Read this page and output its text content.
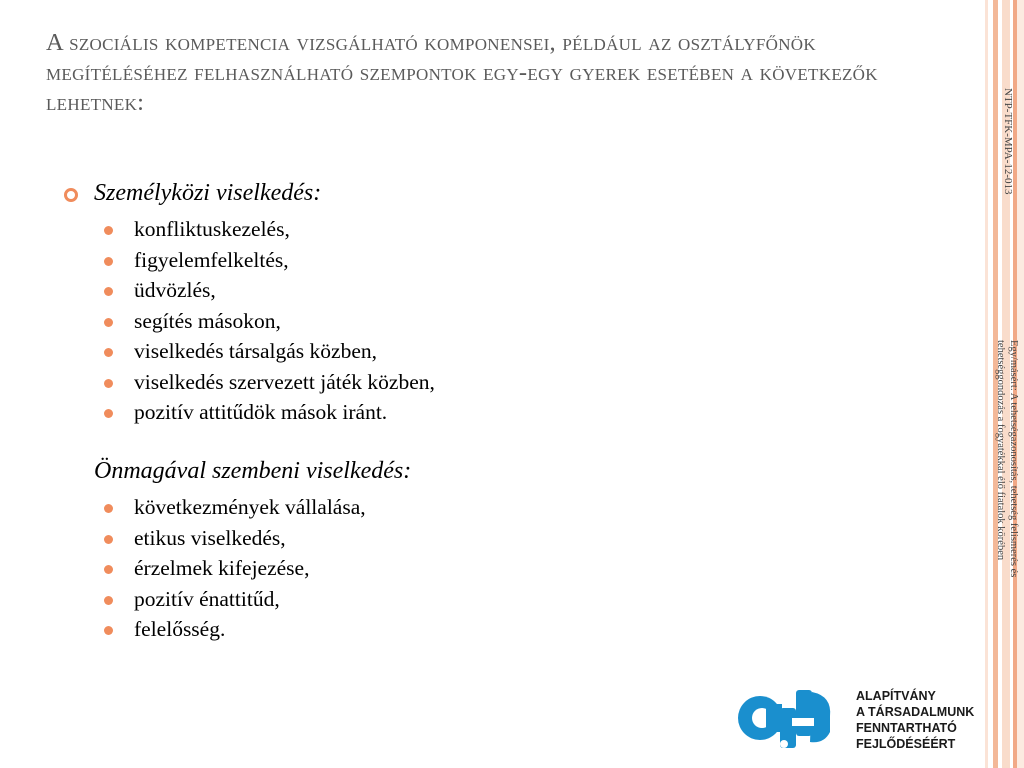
A szociális kompetencia vizsgálható komponensei, például az osztályfőnök megítéléséhez felhasználható szempontok egy-egy gyerek esetében a következők lehetnek:
Személyközi viselkedés:
konfliktuskezelés,
figyelemfelkeltés,
üdvözlés,
segítés másokon,
viselkedés társalgás közben,
viselkedés szervezett játék közben,
pozitív attitűdök mások iránt.
Önmagával szembeni viselkedés:
következmények vállalása,
etikus viselkedés,
érzelmek kifejezése,
pozitív énattitűd,
felelősség.
NTP-TFK-MPA-12-013
Egy/másért: A tehetségazonosítás, tehetség felismerés és tehetséggondozás a fogyatékkal élő fiatalok körében
ALAPÍTVÁNY
A TÁRSADALMUNK
FENNTARTHATÓ
FEJLŐDÉSÉÉRT
